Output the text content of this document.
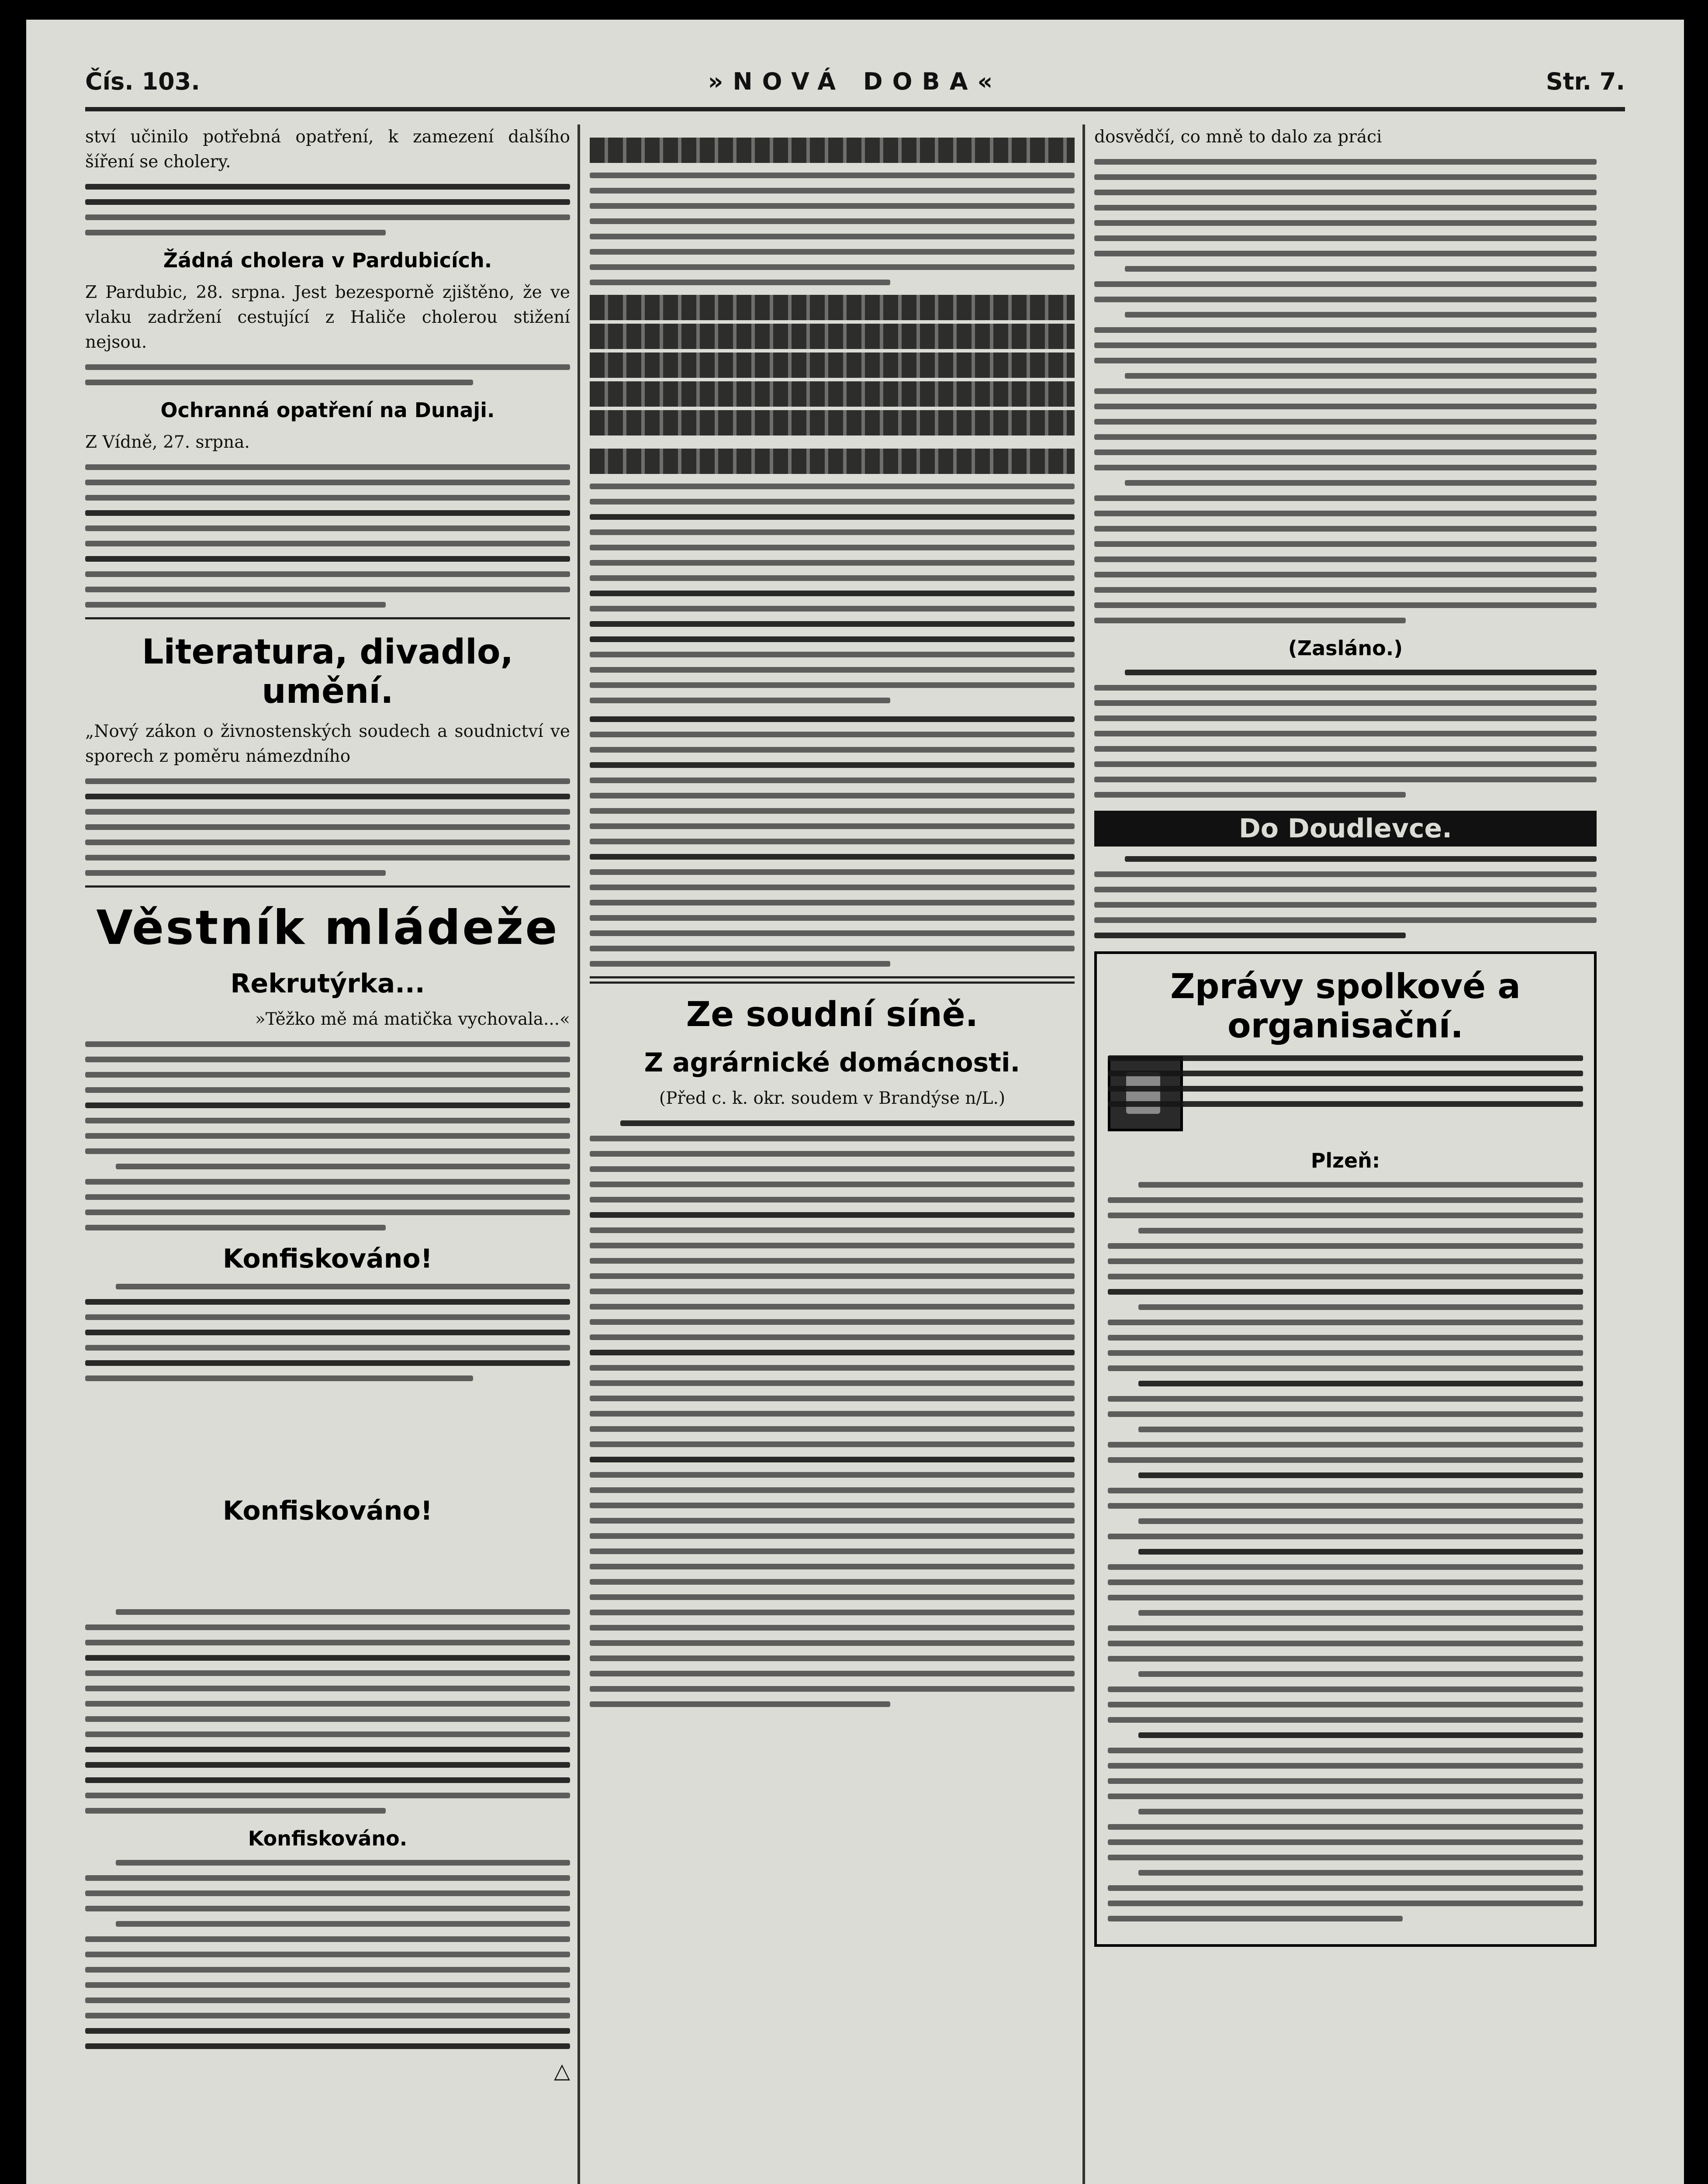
Čís. 103.	»NOVÁ DOBA«	Str. 7.

ství učinilo potřebná opatření, k zamezení dalšího šíření se cholery.

Žádná cholera v Pardubicích.

Z Pardubic, 28. srpna. Jest bezesporně zjištěno, že ve vlaku zadržení cestující z Haliče cholerou stižení nejsou.

Ochranná opatření na Dunaji.

Z Vídně, 27. srpna.

Literatura, divadlo, umění.

„Nový zákon o živnostenských soudech a soudnictví ve sporech z poměru námezdního

Věstník mládeže
Rekrutýrka...

»Těžko mě má matička vychovala...«

Konfiskováno!
Konfiskováno!
Konfiskováno.
△
Ze soudní síně.
Z agrárnické domácnosti.

(Před c. k. okr. soudem v Brandýse n/L.)

dosvědčí, co mně to dalo za práci

(Zasláno.)
Do Doudlevce.
Zprávy spolkové a organisační.
Plzeň:
